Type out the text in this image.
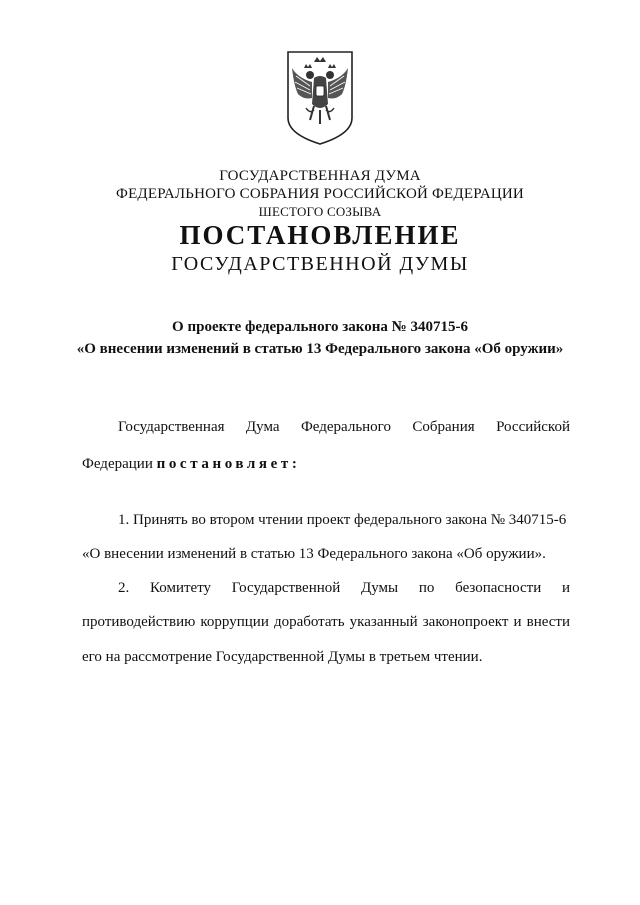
ГОСУДАРСТВЕННАЯ ДУМА
ФЕДЕРАЛЬНОГО СОБРАНИЯ РОССИЙСКОЙ ФЕДЕРАЦИИ
ШЕСТОГО СОЗЫВА
ПОСТАНОВЛЕНИЕ
ГОСУДАРСТВЕННОЙ ДУМЫ
О проекте федерального закона № 340715-6
«О внесении изменений в статью 13 Федерального закона «Об оружии»
Государственная Дума Федерального Собрания Российской
Федерации постановляет:
1. Принять во втором чтении проект федерального закона № 340715-6
«О внесении изменений в статью 13 Федерального закона «Об оружии».
2. Комитету Государственной Думы по безопасности и
противодействию коррупции доработать указанный законопроект и внести
его на рассмотрение Государственной Думы в третьем чтении.
